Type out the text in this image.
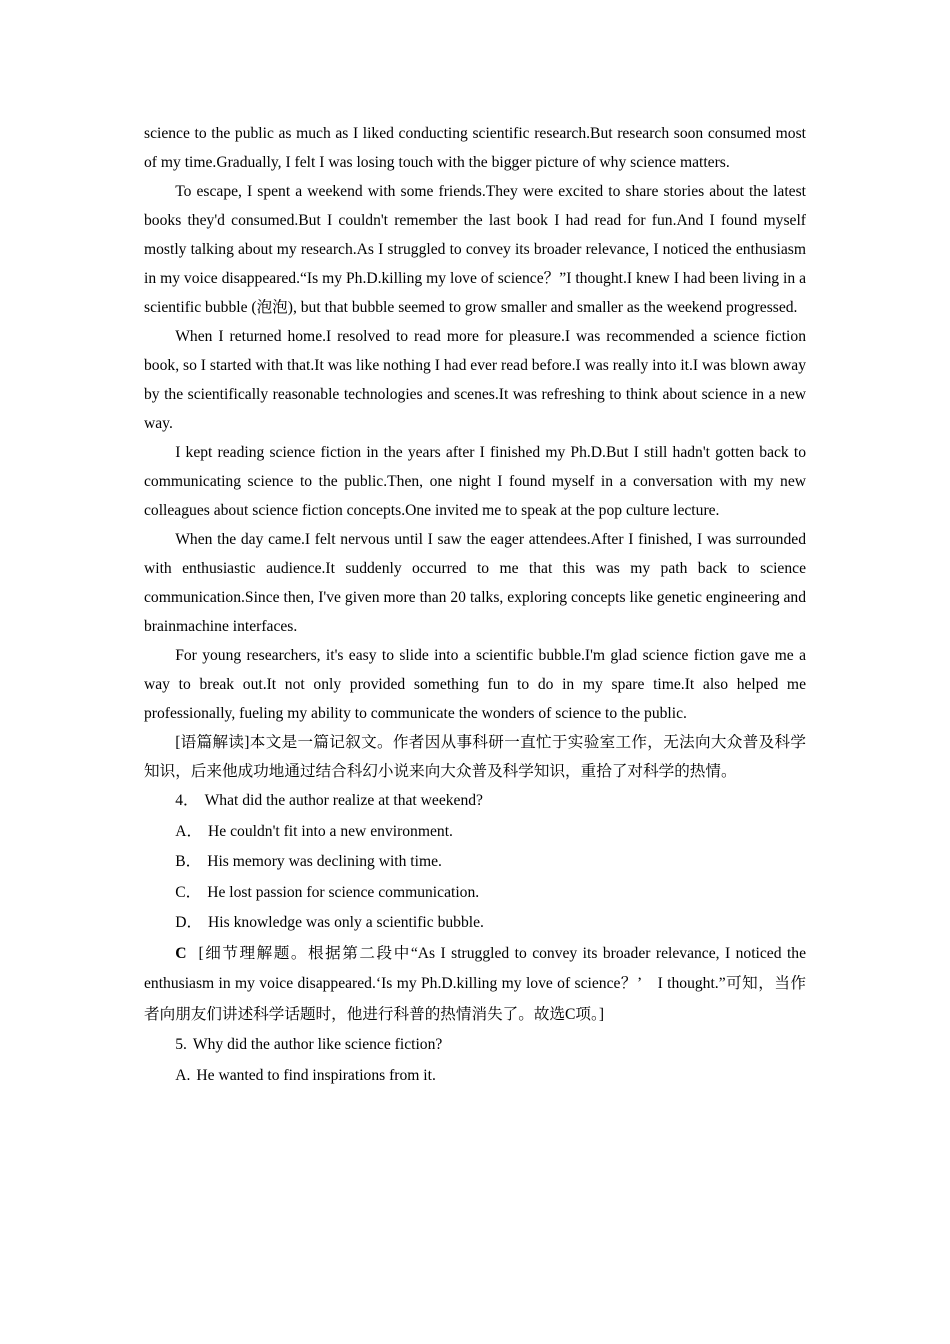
science to the public as much as I liked conducting scientific research.But research soon consumed most of my time.Gradually, I felt I was losing touch with the bigger picture of why science matters.

To escape, I spent a weekend with some friends.They were excited to share stories about the latest books they'd consumed.But I couldn't remember the last book I had read for fun.And I found myself mostly talking about my research.As I struggled to convey its broader relevance, I noticed the enthusiasm in my voice disappeared.“Is my Ph.D.killing my love of science？”I thought.I knew I had been living in a scientific bubble (泡泡), but that bubble seemed to grow smaller and smaller as the weekend progressed.

When I returned home.I resolved to read more for pleasure.I was recommended a science fiction book, so I started with that.It was like nothing I had ever read before.I was really into it.I was blown away by the scientifically reasonable technologies and scenes.It was refreshing to think about science in a new way.

I kept reading science fiction in the years after I finished my Ph.D.But I still hadn't gotten back to communicating science to the public.Then, one night I found myself in a conversation with my new colleagues about science fiction concepts.One invited me to speak at the pop culture lecture.

When the day came.I felt nervous until I saw the eager attendees.After I finished, I was surrounded with enthusiastic audience.It suddenly occurred to me that this was my path back to science communication.Since then, I've given more than 20 talks, exploring concepts like genetic engineering and brainmachine interfaces.

For young researchers, it's easy to slide into a scientific bubble.I'm glad science fiction gave me a way to break out.It not only provided something fun to do in my spare time.It also helped me professionally, fueling my ability to communicate the wonders of science to the public.

[语篇解读]本文是一篇记叙文。作者因从事科研一直忙于实验室工作，无法向大众普及科学知识，后来他成功地通过结合科幻小说来向大众普及科学知识，重拾了对科学的热情。

4． What did the author realize at that weekend?

A． He couldn't fit into a new environment.

B． His memory was declining with time.

C． He lost passion for science communication.

D． His knowledge was only a scientific bubble.

C [细节理解题。根据第二段中“As I struggled to convey its broader relevance, I noticed the enthusiasm in my voice disappeared.‘Is my Ph.D.killing my love of science？’　I thought.”可知，当作者向朋友们讲述科学话题时，他进行科普的热情消失了。故选C项。]

5. Why did the author like science fiction?

A. He wanted to find inspirations from it.
